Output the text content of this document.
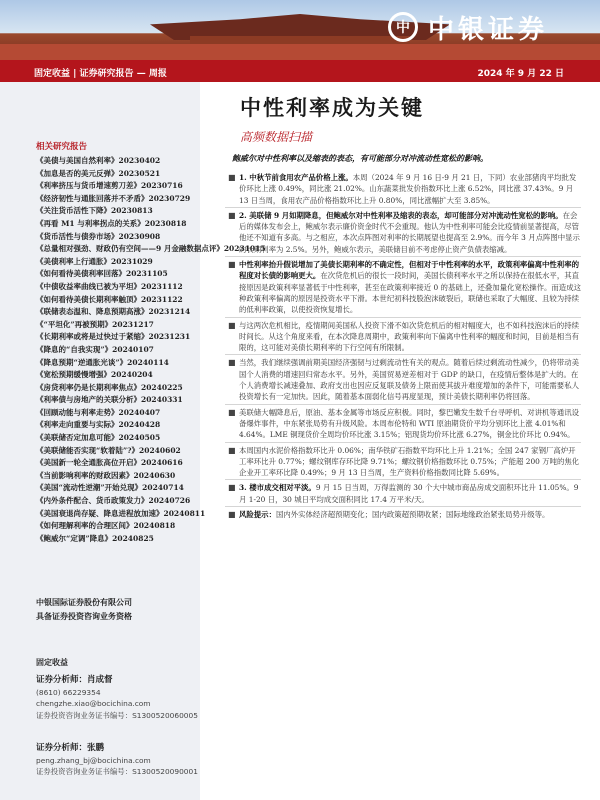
中 中银证券
固定收益 | 证券研究报告 — 周报	2024 年 9 月 22 日
相关研究报告
《美债与美国自然利率》20230402
《加息是否的美元反弹》20230521
《利率挤压与货币增速剪刀差》20230716
《经济韧性与通胀回落并不矛盾》20230729
《关注货币活性下降》20230813
《再看 M1 与利率拐点的关系》20230818
《货币活性与债券市场》20230908
《总量相对强劲、财政仍有空间——9 月金融数据点评》20231015
《美债利率上行通胀》20231029
《如何看待美债利率回落》20231105
《中债收益率曲线已被为平坦》20231112
《如何看待美债长期利率触顶》20231122
《联储表态温和、降息预期高涨》20231214
《“平坦化”再被预期》20231217
《长期利率或将是过快过于紧缩》20231231
《降息的“自我实现”》20240107
《降息预期“逆通胀光谈”》20240114
《宽松预期缓慢增强》20240204
《房贷利率仍是长期利率焦点》20240225
《利率债与房地产的关联分析》20240331
《回顾动能与利率走势》20240407
《利率走向重要与实际》20240428
《美联储否定加息可能》20240505
《美联储能否实现“软着陆”?》20240602
《美国新一轮全通胀高位开启》20240616
《当前影响利率的财政因素》20240630
《美国“流动性逆潮”开始兑现》20240714
《内外条件配合、货币政策发力》20240726
《美国衰退尚存疑、降息进程放加速》20240811
《如何理解利率的合理区间》20240818
《鲍威尔“定调”降息》20240825
中银国际证券股份有限公司
具备证券投资咨询业务资格
固定收益
证券分析师：肖成督
(8610) 66229354
chengzhe.xiao@bocichina.com
证券投资咨询业务证书编号：S1300520060005
证券分析师：张鹏
peng.zhang_bj@bocichina.com
证券投资咨询业务证书编号：S1300520090001
中性利率成为关键
高频数据扫描
鲍威尔对中性利率以及缩表的表态，有可能部分对冲流动性宽松的影响。
■ 1. 中秋节前食用农产品价格上涨。本周（2024 年 9 月 16 日-9 月 21 日，下同）农业部猪肉平均批发价环比上涨 0.49%，同比涨 21.02%。山东蔬菜批发价指数环比上涨 6.52%，同比涨 37.43%。9 月 13 日当周，食用农产品价格指数环比上升 0.80%，同比涨幅扩大至 3.85%。
■ 2. 美联储 9 月如期降息，但鲍威尔对中性利率及缩表的表态，却可能部分对冲流动性宽松的影响。在会后的媒体发布会上，鲍威尔表示廉价资金时代不会重现。他认为中性利率可能会比疫情前显著提高，尽管他还不知道有多高。与之相应，本次点阵图对利率的长期展望也提高至 2.9%。而今年 3 月点阵图中显示的长期利率为 2.5%。另外，鲍威尔表示，美联储目前不考虑停止资产负债表缩减。
■ 中性利率抬升假说增加了美债长期利率的不确定性，但相对于中性利率的水平，政策利率偏离中性利率的程度对长债的影响更大。在次贷危机后的很长一段时间，美国长债利率水平之所以保持在很低水平，其直接原因是政策利率显著低于中性利率，甚至在政策利率接近 0 的基础上，还叠加量化宽松操作。而造成这种政策利率偏离的原因是投资水平下滑。本世纪初科技股泡沫破裂后，联储也采取了大幅度、且较为持续的低利率政策，以使投资恢复增长。
■ 与这两次危机相比，疫情期间美国私人投资下滑不如次贷危机后的相对幅度大，也不如科技泡沫后的持续时间长。从这个角度来看，在本次降息周期中，政策利率向下偏离中性利率的幅度和时间，目前是相当有限的，这可能对美债长期利率的下行空间有所限制。
■ 当然，我们继续强调前期美国经济强韧与过剩流动性有关的观点。随着后续过剩流动性减少，仍将带动美国个人消费的增速回归常态水平。另外，美国贸易逆差相对于 GDP 的缺口，在疫情后整体是扩大的。在个人消费增长减速叠加、政府支出也因应反复联及债务上限而使其拔升难度增加的条件下，可能需要私人投资增长有一定加快。因此，随着基本面弱化信号再度显现，预计美债长期利率仍将回落。
■ 美联储大幅降息后，原油、基本金属等市场反应积极。同时，黎巴嫩发生数千台寻呼机、对讲机等通讯设备爆炸事件，中东紧张局势有升级风险。本周布伦特和 WTI 原油期货价平均分别环比上涨 4.01%和 4.64%。LME 铜现货价全周均价环比涨 3.15%；铝现货均价环比涨 6.27%，铜金比价环比 0.94%。
■ 本周国内水泥价格指数环比升 0.06%；南华铁矿石指数平均环比上升 1.21%；全国 247 家钢厂高炉开工率环比升 0.77%；螺纹钢库存环比降 9.71%；螺纹钢价格指数环比 0.75%；产能超 200 万吨的焦化企业开工率环比降 0.49%；9 月 13 日当周，生产资料价格指数同比降 5.69%。
■ 3. 楼市成交相对平淡。9 月 15 日当周，万得监测的 30 个大中城市商品房成交面积环比升 11.05%。9 月 1-20 日，30 城日平均成交面积同比 17.4 万平米/天。
■ 风险提示：国内外实体经济超预期变化；国内政策超预期收紧；国际地缘政治紧张局势升级等。
